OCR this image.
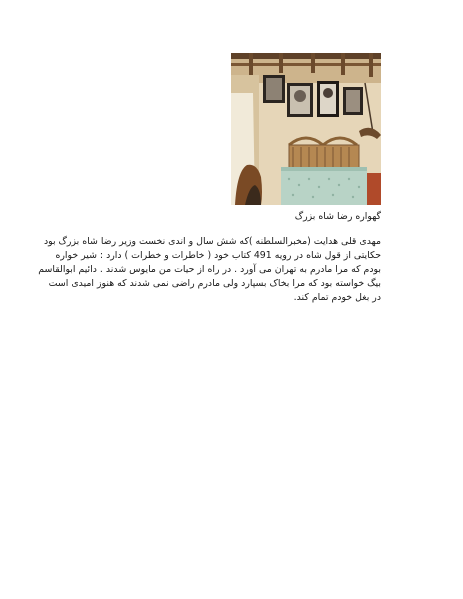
گهواره رضا شاه بزرگ
مهدی قلی هدایت (مخبرالسلطنه )که شش سال و اندی نخست وزیر رضا شاه بزرگ بود
حکایتی از قول شاه در رویه 491 کتاب خود ( خاطرات و خطرات ) دارد : شیر خواره
بودم که مرا مادرم به تهران می آورد . در راه از حیات من مایوس شدند . دائیم ابوالقاسم
بیگ خواسته بود که مرا بخاک بسپارد ولی مادرم راضی نمی شدند که هنوز امیدی است
در بغل خودم تمام کند.
